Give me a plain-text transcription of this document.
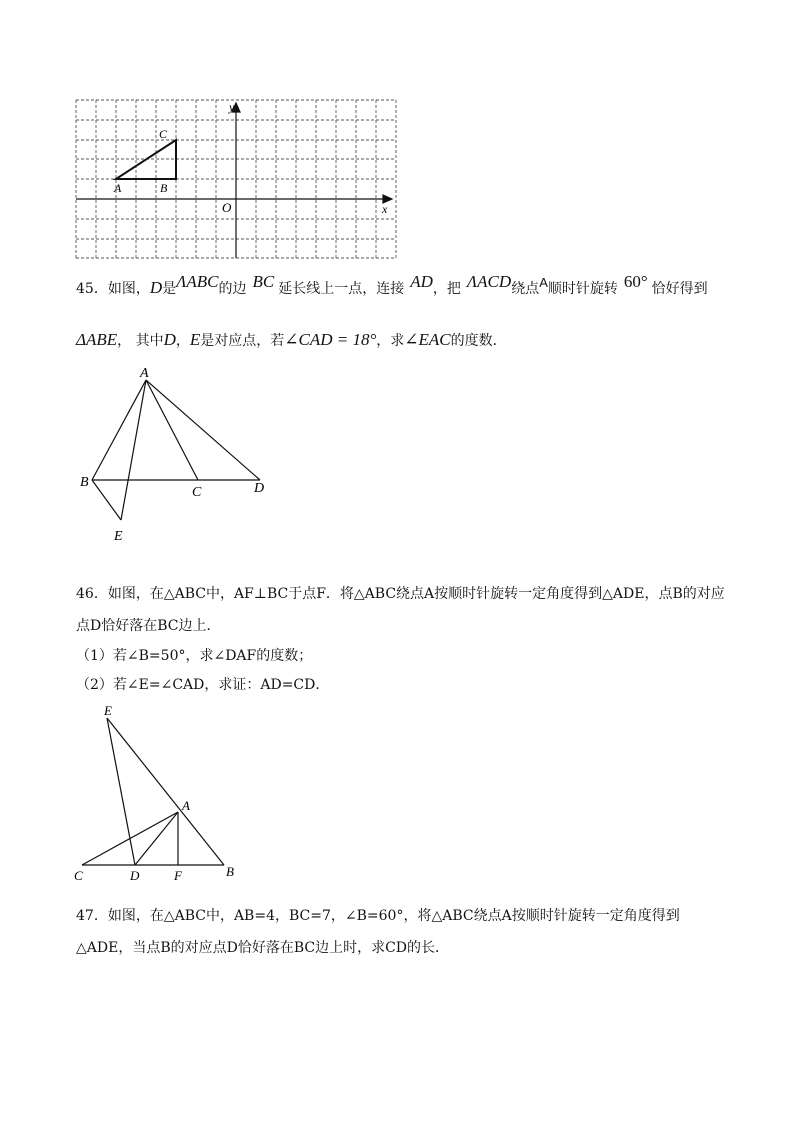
y
x
O
A	B
C
45．如图，D是ΛABC的边 BC 延长线上一点，连接 AD，把 ΛACD绕点A顺时针旋转 60° 恰好得到
ΔABE， 其中D，E是对应点，若∠CAD = 18°，求∠EAC的度数．
A
B
C	D
E
46．如图，在△ABC中，AF⊥BC于点F．将△ABC绕点A按顺时针旋转一定角度得到△ADE，点B的对应
点D恰好落在BC边上．
（1）若∠B=50°，求∠DAF的度数；
（2）若∠E=∠CAD，求证：AD=CD．
E
A
C	D	F	B
47．如图，在△ABC中，AB=4，BC=7，∠B=60°，将△ABC绕点A按顺时针旋转一定角度得到
△ADE，当点B的对应点D恰好落在BC边上时，求CD的长．
